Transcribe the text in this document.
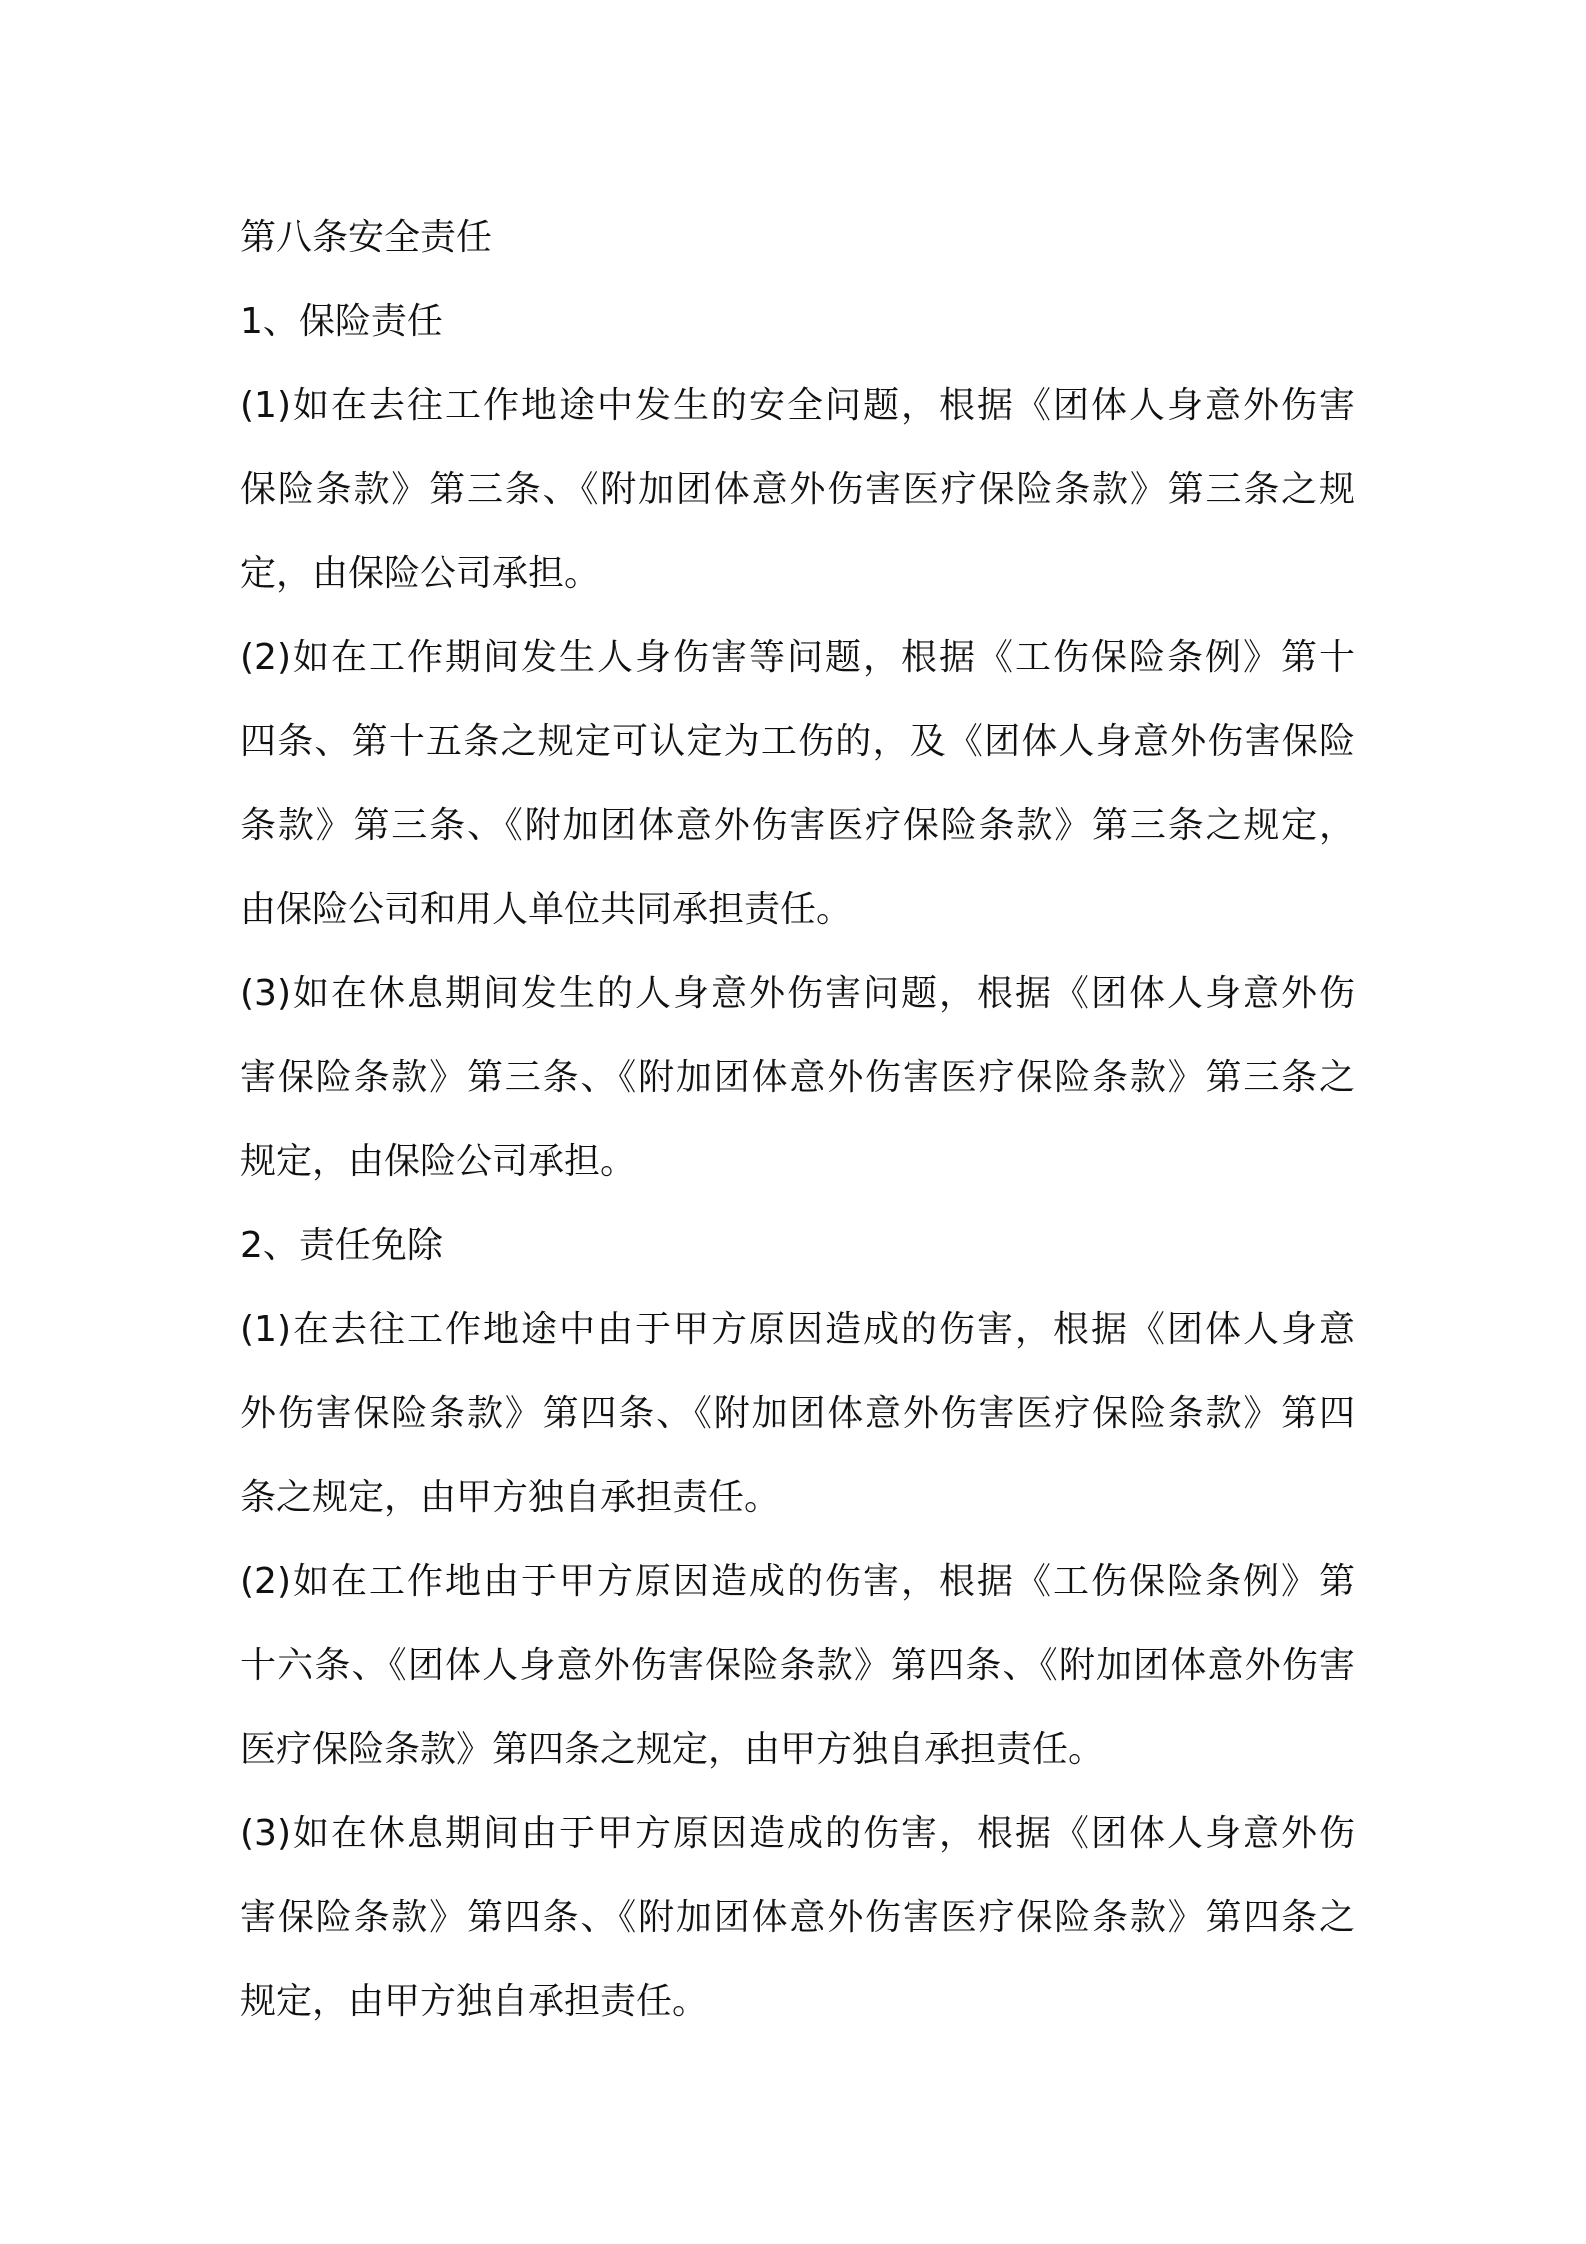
第八条安全责任
1、保险责任
(1)如在去往工作地途中发生的安全问题，根据《团体人身意外伤害
保险条款》第三条、《附加团体意外伤害医疗保险条款》第三条之规
定，由保险公司承担。
(2)如在工作期间发生人身伤害等问题，根据《工伤保险条例》第十
四条、第十五条之规定可认定为工伤的，及《团体人身意外伤害保险
条款》第三条、《附加团体意外伤害医疗保险条款》第三条之规定，
由保险公司和用人单位共同承担责任。
(3)如在休息期间发生的人身意外伤害问题，根据《团体人身意外伤
害保险条款》第三条、《附加团体意外伤害医疗保险条款》第三条之
规定，由保险公司承担。
2、责任免除
(1)在去往工作地途中由于甲方原因造成的伤害，根据《团体人身意
外伤害保险条款》第四条、《附加团体意外伤害医疗保险条款》第四
条之规定，由甲方独自承担责任。
(2)如在工作地由于甲方原因造成的伤害，根据《工伤保险条例》第
十六条、《团体人身意外伤害保险条款》第四条、《附加团体意外伤害
医疗保险条款》第四条之规定，由甲方独自承担责任。
(3)如在休息期间由于甲方原因造成的伤害，根据《团体人身意外伤
害保险条款》第四条、《附加团体意外伤害医疗保险条款》第四条之
规定，由甲方独自承担责任。
